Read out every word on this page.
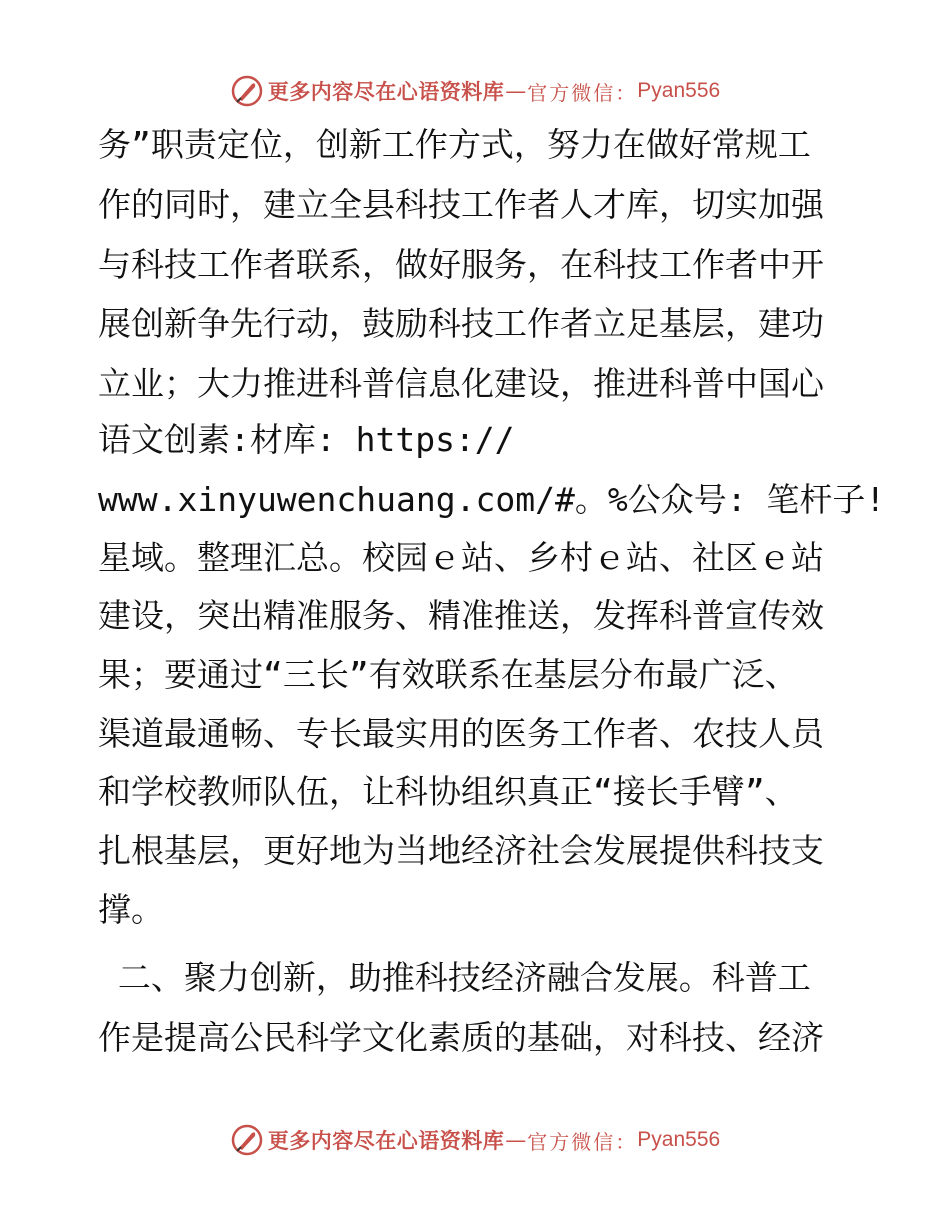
更多内容尽在心语资料库 — 官方微信： Pyan556
务”职责定位，创新工作方式，努力在做好常规工
作的同时，建立全县科技工作者人才库，切实加强
与科技工作者联系，做好服务，在科技工作者中开
展创新争先行动，鼓励科技工作者立足基层，建功
立业；大力推进科普信息化建设，推进科普中国心
语文创素:材库: https://
www.xinyuwenchuang.com/#。%公众号: 笔杆子!
星域。整理汇总。校园ｅ站、乡村ｅ站、社区ｅ站
建设，突出精准服务、精准推送，发挥科普宣传效
果；要通过“三长”有效联系在基层分布最广泛、
渠道最通畅、专长最实用的医务工作者、农技人员
和学校教师队伍，让科协组织真正“接长手臂”、
扎根基层，更好地为当地经济社会发展提供科技支
撑。
二、聚力创新，助推科技经济融合发展。科普工
作是提高公民科学文化素质的基础，对科技、经济
更多内容尽在心语资料库 — 官方微信： Pyan556
